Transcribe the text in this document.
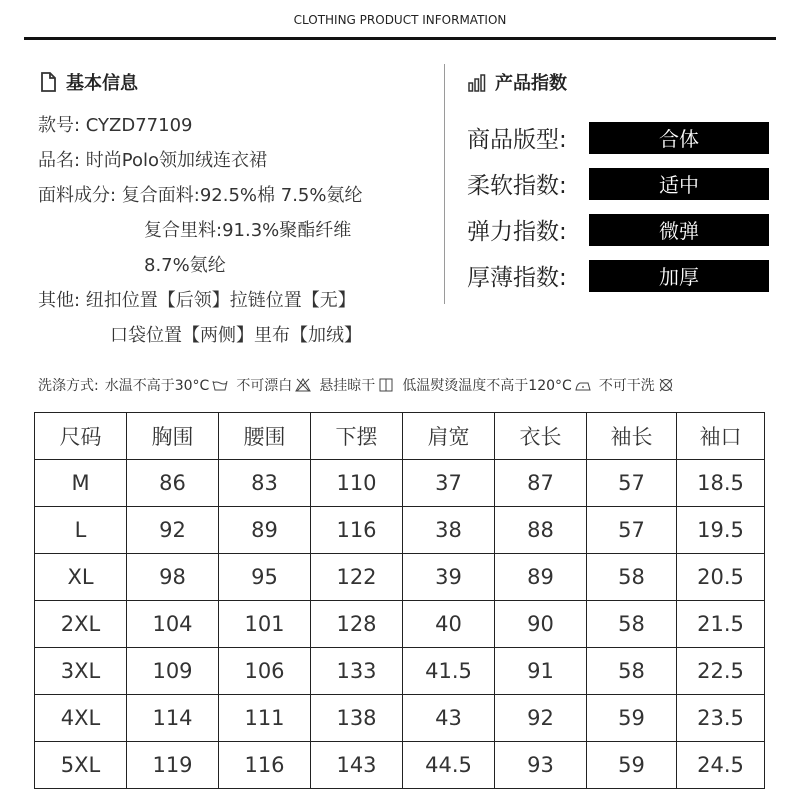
CLOTHING PRODUCT INFORMATION
基本信息
款号: CYZD77109
品名: 时尚Polo领加绒连衣裙
面料成分: 复合面料:92.5%棉 7.5%氨纶
复合里料:91.3%聚酯纤维
8.7%氨纶
其他: 纽扣位置【后领】拉链位置【无】
口袋位置【两侧】里布【加绒】
产品指数
商品版型:	合体
柔软指数:	适中
弹力指数:	微弹
厚薄指数:	加厚
洗涤方式: 水温不高于30°C 不可漂白 悬挂晾干 低温熨烫温度不高于120°C 不可干洗
尺码	胸围	腰围	下摆	肩宽	衣长	袖长	袖口
M	86	83	110	37	87	57	18.5
L	92	89	116	38	88	57	19.5
XL	98	95	122	39	89	58	20.5
2XL	104	101	128	40	90	58	21.5
3XL	109	106	133	41.5	91	58	22.5
4XL	114	111	138	43	92	59	23.5
5XL	119	116	143	44.5	93	59	24.5
